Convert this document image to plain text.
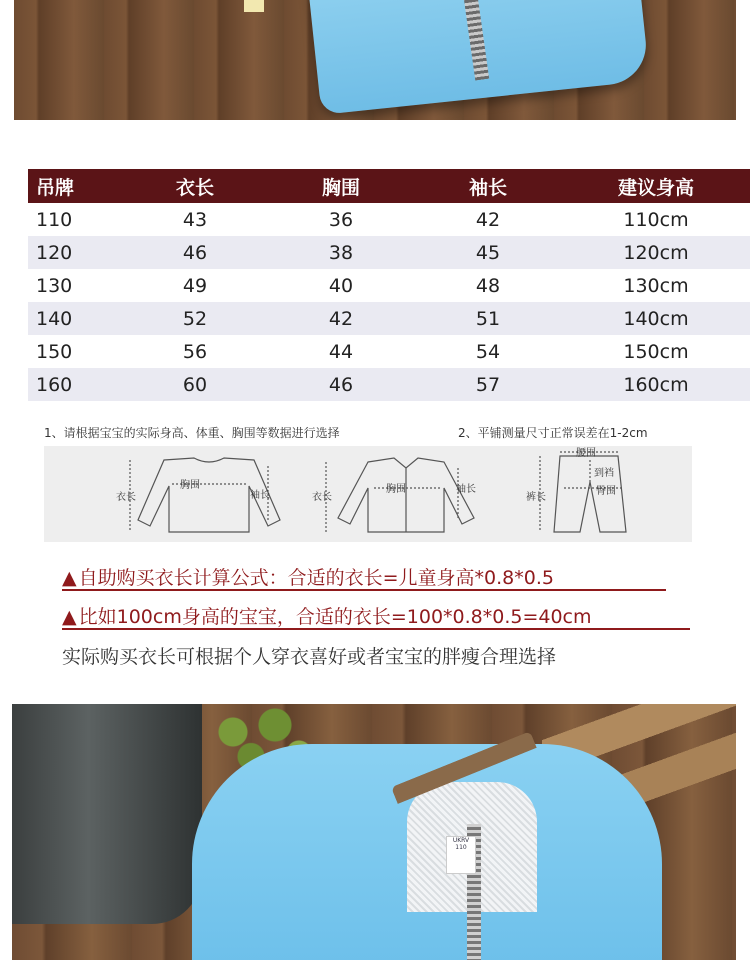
吊牌	衣长	胸围	袖长	建议身高
110	43	36	42	110cm
120	46	38	45	120cm
130	49	40	48	130cm
140	52	42	51	140cm
150	56	44	54	150cm
160	60	46	57	160cm
1、请根据宝宝的实际身高、体重、胸围等数据进行选择	2、平铺测量尺寸正常误差在1-2cm
衣长
胸围
袖长	衣长
胸围	袖长
腰围
到裆
臀围
裤长
▲ 自助购买衣长计算公式：合适的衣长=儿童身高*0.8*0.5
▲ 比如100cm身高的宝宝，合适的衣长=100*0.8*0.5=40cm
实际购买衣长可根据个人穿衣喜好或者宝宝的胖瘦合理选择
UKRV 110
